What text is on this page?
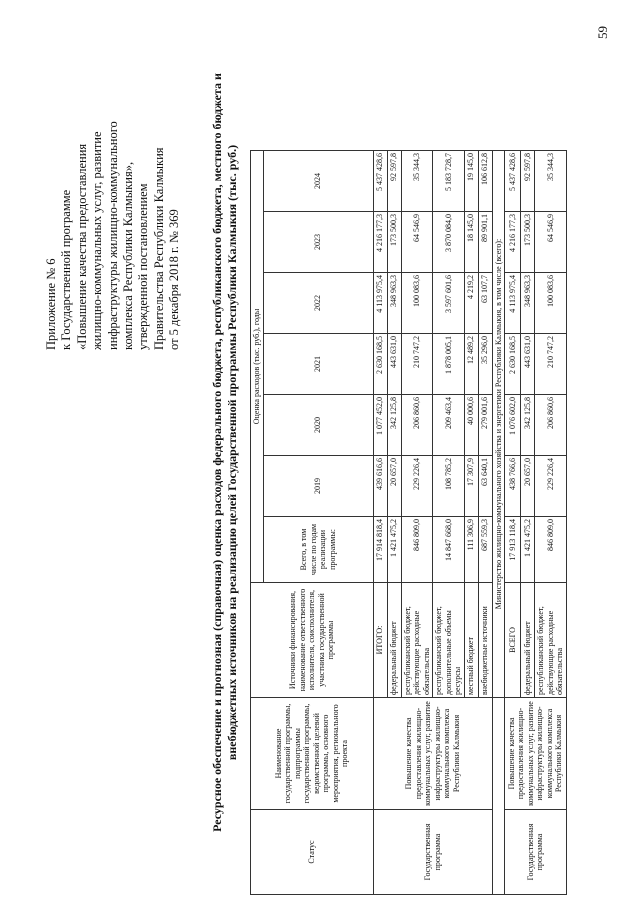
Приложение № 6 к Государственной программе «Повышение качества предоставления жилищно-коммунальных услуг, развитие инфраструктуры жилищно-коммунального комплекса Республики Калмыкия», утвержденной постановлением Правительства Республики Калмыкия от 5 декабря 2018 г. № 369
59
Ресурсное обеспечение и прогнозная (справочная) оценка расходов федерального бюджета, республиканского бюджета, местного бюджета и внебюджетных источников на реализацию целей Государственной программы Республики Калмыкия (тыс. руб.)
Статус	Наименование государственной программы, подпрограммы государственной программы, ведомственной целевой программы, основного мероприятия, регионального проекта	Источники финансирования, наименование ответственного исполнителя, соисполнителя, участника государственной программы	Оценка расходов (тыс. руб.), годы						
			Всего, в том числе по годам реализации программы:	2019	2020	2021	2022	2023	2024
Государственная программа	Повышение качества предоставления жилищно-коммунальных услуг, развитие инфраструктуры жилищно-коммунального комплекса Республики Калмыкия	ИТОГО:	17 914 818,4	439 616,6	1 077 452,0	2 630 168,5	4 113 975,4	4 216 177,3	5 437 428,6
		федеральный бюджет	1 421 475,2	20 657,0	342 125,8	443 631,0	348 963,3	173 500,3	92 597,8
		республиканский бюджет, действующие расходные обязательства	846 809,0	229 226,4	206 860,6	210 747,2	100 083,6	64 546,9	35 344,3
		республиканский бюджет, дополнительные объемы ресурсы	14 847 668,0	108 785,2	209 463,4	1 878 005,1	3 597 601,6	3 870 084,0	5 183 728,7
		местный бюджет	111 306,9	17 307,9	40 000,6	12 489,2	4 219,2	18 145,0	19 145,0
		внебюджетные источники	687 559,3	63 640,1	279 001,6	35 296,0	63 107,7	89 901,1	106 612,8
		Министерство жилищно-коммунального хозяйства и энергетики Республики Калмыкия, в том числе (всего):							
Государственная программа	Повышение качества предоставления жилищно-коммунальных услуг, развитие инфраструктуры жилищно-коммунального комплекса Республики Калмыкия	ВСЕГО	17 913 118,4	438 766,6	1 076 602,0	2 630 168,5	4 113 975,4	4 216 177,3	5 437 428,6
		федеральный бюджет	1 421 475,2	20 657,0	342 125,8	443 631,0	348 963,3	173 500,3	92 597,8
		республиканский бюджет, действующие расходные обязательства	846 809,0	229 226,4	206 860,6	210 747,2	100 083,6	64 546,9	35 344,3
